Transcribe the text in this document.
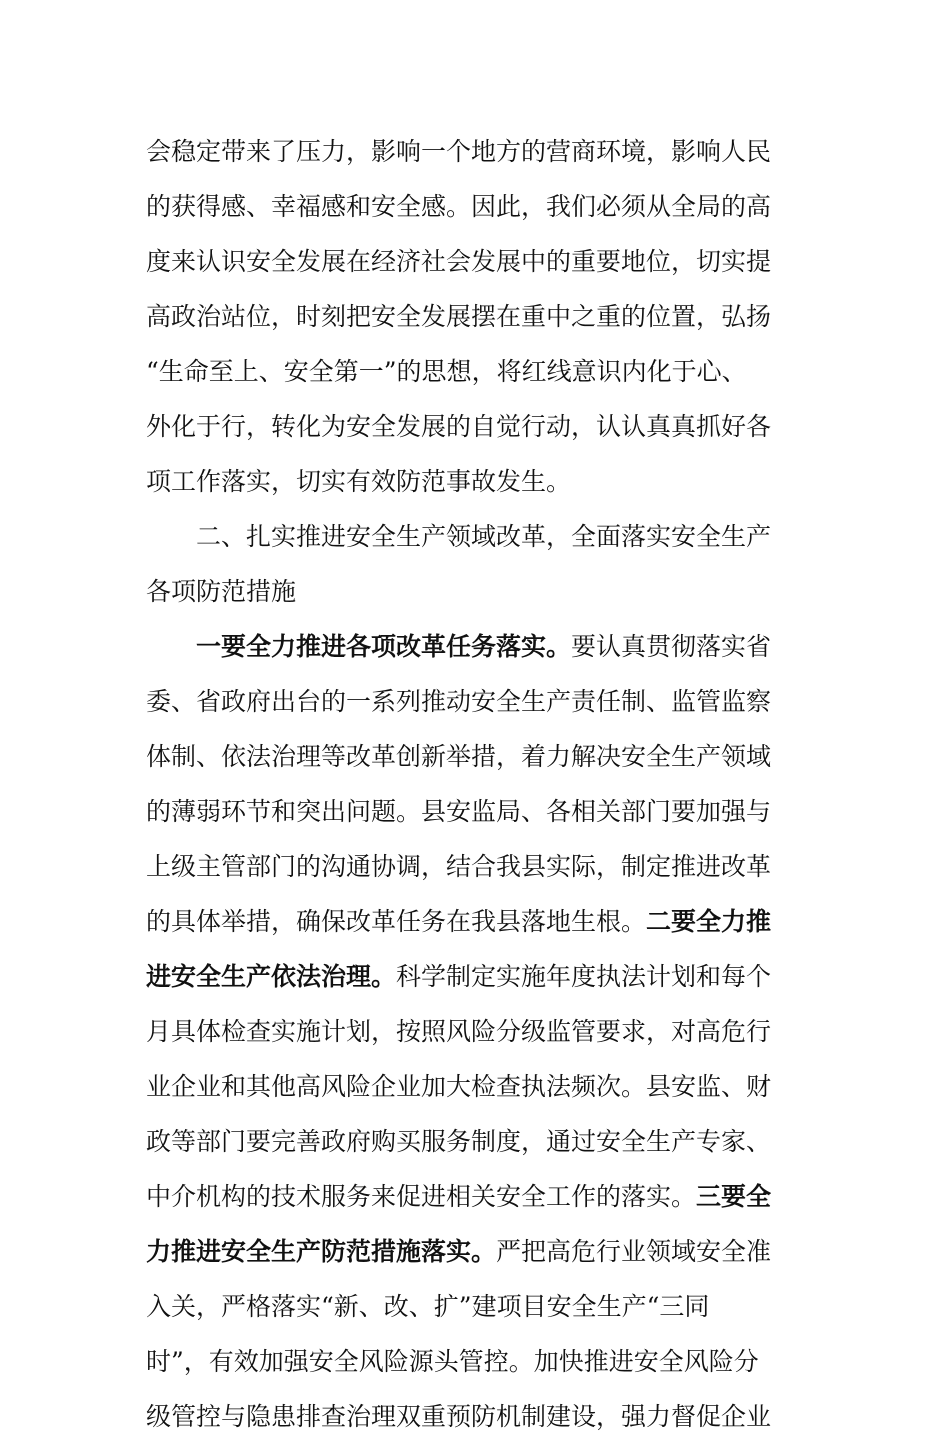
会稳定带来了压力，影响一个地方的营商环境，影响人民
的获得感、幸福感和安全感。因此，我们必须从全局的高
度来认识安全发展在经济社会发展中的重要地位，切实提
高政治站位，时刻把安全发展摆在重中之重的位置，弘扬
“生命至上、安全第一”的思想，将红线意识内化于心、
外化于行，转化为安全发展的自觉行动，认认真真抓好各
项工作落实，切实有效防范事故发生。
二、扎实推进安全生产领域改革，全面落实安全生产
各项防范措施
一要全力推进各项改革任务落实。要认真贯彻落实省
委、省政府出台的一系列推动安全生产责任制、监管监察
体制、依法治理等改革创新举措，着力解决安全生产领域
的薄弱环节和突出问题。县安监局、各相关部门要加强与
上级主管部门的沟通协调，结合我县实际，制定推进改革
的具体举措，确保改革任务在我县落地生根。二要全力推
进安全生产依法治理。科学制定实施年度执法计划和每个
月具体检查实施计划，按照风险分级监管要求，对高危行
业企业和其他高风险企业加大检查执法频次。县安监、财
政等部门要完善政府购买服务制度，通过安全生产专家、
中介机构的技术服务来促进相关安全工作的落实。三要全
力推进安全生产防范措施落实。严把高危行业领域安全准
入关，严格落实“新、改、扩”建项目安全生产“三同
时”，有效加强安全风险源头管控。加快推进安全风险分
级管控与隐患排查治理双重预防机制建设，强力督促企业
